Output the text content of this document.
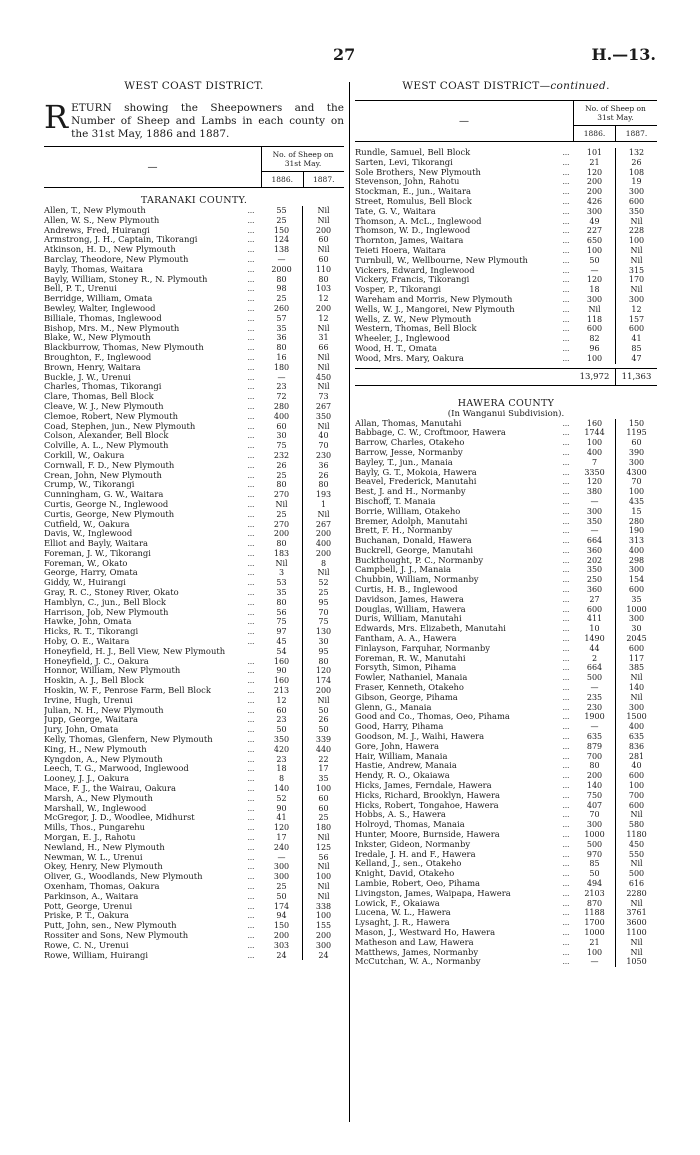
27	H.—13.
WEST COAST DISTRICT.
R ETURN showing the Sheepowners and the Number of Sheep and Lambs in each county on the 31st May, 1886 and 1887.
—
No. of Sheep on 31st May.
1886.	1887.
TARANAKI COUNTY.
Allen, T., New Plymouth	...	55	Nil
Allen, W. S., New Plymouth	...	25	Nil
Andrews, Fred, Huirangi	...	150	200
Armstrong, J. H., Captain, Tikorangi	...	124	60
Atkinson, H. D., New Plymouth	...	138	Nil
Barclay, Theodore, New Plymouth	...	—	60
Bayly, Thomas, Waitara	...	2000	110
Bayly, William, Stoney R., N. Plymouth	...	80	80
Bell, P. T., Urenui	...	98	103
Berridge, William, Omata	...	25	12
Bewley, Walter, Inglewood	...	260	200
Billiale, Thomas, Inglewood	...	57	12
Bishop, Mrs. M., New Plymouth	...	35	Nil
Blake, W., New Plymouth	...	36	31
Blackburrow, Thomas, New Plymouth	...	80	66
Broughton, F., Inglewood	...	16	Nil
Brown, Henry, Waitara	...	180	Nil
Buckle, J. W., Urenui	...	—	450
Charles, Thomas, Tikorangi	...	23	Nil
Clare, Thomas, Bell Block	...	72	73
Cleave, W. J., New Plymouth	...	280	267
Clemoe, Robert, New Plymouth	...	400	350
Coad, Stephen, jun., New Plymouth	...	60	Nil
Colson, Alexander, Bell Block	...	30	40
Colville, A. L., New Plymouth	...	75	70
Corkill, W., Oakura	...	232	230
Cornwall, F. D., New Plymouth	...	26	36
Crean, John, New Plymouth	...	25	26
Crump, W., Tikorangi	...	80	80
Cunningham, G. W., Waitara	...	270	193
Curtis, George N., Inglewood	...	Nil	1
Curtis, George, New Plymouth	...	25	Nil
Cutfield, W., Oakura	...	270	267
Davis, W., Inglewood	...	200	200
Elliot and Bayly, Waitara	...	80	400
Foreman, J. W., Tikorangi	...	183	200
Foreman, W., Okato	...	Nil	8
George, Harry, Omata	...	3	Nil
Giddy, W., Huirangi	...	53	52
Gray, R. C., Stoney River, Okato	...	35	25
Hamblyn, C., jun., Bell Block	...	80	95
Harrison, Job, New Plymouth	...	56	70
Hawke, John, Omata	...	75	75
Hicks, R. T., Tikorangi	...	97	130
Hoby, O. E., Waitara	...	45	30
Honeyfield, H. J., Bell View, New Plymouth	54	95
Honeyfield, J. C., Oakura	...	160	80
Honnor, William, New Plymouth	...	90	120
Hoskin, A. J., Bell Block	...	160	174
Hoskin, W. F., Penrose Farm, Bell Block	...	213	200
Irvine, Hugh, Urenui	...	12	Nil
Julian, N. H., New Plymouth	...	60	50
Jupp, George, Waitara	...	23	26
Jury, John, Omata	...	50	50
Kelly, Thomas, Glenfern, New Plymouth	...	350	339
King, H., New Plymouth	...	420	440
Kyngdon, A., New Plymouth	...	23	22
Leech, T. G., Marwood, Inglewood	...	18	17
Looney, J. J., Oakura	...	8	35
Mace, F. J., the Wairau, Oakura	...	140	100
Marsh, A., New Plymouth	...	52	60
Marshall, W., Inglewood	...	90	60
McGregor, J. D., Woodlee, Midhurst	...	41	25
Mills, Thos., Pungarehu	...	120	180
Morgan, E. J., Rahotu	...	17	Nil
Newland, H., New Plymouth	...	240	125
Newman, W. L., Urenui	...	—	56
Okey, Henry, New Plymouth	...	300	Nil
Oliver, G., Woodlands, New Plymouth	...	300	100
Oxenham, Thomas, Oakura	...	25	Nil
Parkinson, A., Waitara	...	50	Nil
Pott, George, Urenui	...	174	338
Priske, P. T., Oakura	...	94	100
Putt, John, sen., New Plymouth	...	150	155
Rossiter and Sons, New Plymouth	...	200	200
Rowe, C. N., Urenui	...	303	300
Rowe, William, Huirangi	...	24	24
WEST COAST DISTRICT—continued.
—
No. of Sheep on 31st May.
1886.	1887.
Rundle, Samuel, Bell Block	...	101	132
Sarten, Levi, Tikorangi	...	21	26
Sole Brothers, New Plymouth	...	120	108
Stevenson, John, Rahotu	...	200	19
Stockman, E., jun., Waitara	...	200	300
Street, Romulus, Bell Block	...	426	600
Tate, G. V., Waitara	...	300	350
Thomson, A. McL., Inglewood	...	49	Nil
Thomson, W. D., Inglewood	...	227	228
Thornton, James, Waitara	...	650	100
Teieti Hoera, Waitara	...	100	Nil
Turnbull, W., Wellbourne, New Plymouth	...	50	Nil
Vickers, Edward, Inglewood	...	—	315
Vickery, Francis, Tikorangi	...	120	170
Vosper, P., Tikorangi	...	18	Nil
Wareham and Morris, New Plymouth	...	300	300
Wells, W. J., Mangorei, New Plymouth	...	Nil	12
Wells, Z. W., New Plymouth	...	118	157
Western, Thomas, Bell Block	...	600	600
Wheeler, J., Inglewood	...	82	41
Wood, H. T., Omata	...	96	85
Wood, Mrs. Mary, Oakura	...	100	47
13,972	11,363
HAWERA COUNTY
(In Wanganui Subdivision).
Allan, Thomas, Manutahi	...	160	150
Babbage, C. W., Croftmoor, Hawera	...	1744	1195
Barrow, Charles, Otakeho	...	100	60
Barrow, Jesse, Normanby	...	400	390
Bayley, T., jun., Manaia	...	7	300
Bayly, G. T., Mokoia, Hawera	...	3350	4300
Beavel, Frederick, Manutahi	...	120	70
Best, J. and H., Normanby	...	380	100
Bischoff, T. Manaia	...	—	435
Borrie, William, Otakeho	...	300	15
Bremer, Adolph, Manutahi	...	350	280
Brett, F. H., Normanby	...	—	190
Buchanan, Donald, Hawera	...	664	313
Buckrell, George, Manutahi	...	360	400
Buckthought, P. C., Normanby	...	202	298
Campbell, J. J., Manaia	...	350	300
Chubbin, William, Normanby	...	250	154
Curtis, H. B., Inglewood	...	360	600
Davidson, James, Hawera	...	27	35
Douglas, William, Hawera	...	600	1000
Duris, William, Manutahi	...	411	300
Edwards, Mrs. Elizabeth, Manutahi	...	10	30
Fantham, A. A., Hawera	...	1490	2045
Finlayson, Farquhar, Normanby	...	44	600
Foreman, R. W., Manutahi	...	2	117
Forsyth, Simon, Pihama	...	664	385
Fowler, Nathaniel, Manaia	...	500	Nil
Fraser, Kenneth, Otakeho	...	—	140
Gibson, George, Pihama	...	235	Nil
Glenn, G., Manaia	...	230	300
Good and Co., Thomas, Oeo, Pihama	...	1900	1500
Good, Harry, Pihama	...	—	400
Goodson, M. J., Waihi, Hawera	...	635	635
Gore, John, Hawera	...	879	836
Hair, William, Manaia	...	700	281
Hastie, Andrew, Manaia	...	80	40
Hendy, R. O., Okaiawa	...	200	600
Hicks, James, Ferndale, Hawera	...	140	100
Hicks, Richard, Brooklyn, Hawera	...	750	700
Hicks, Robert, Tongahoe, Hawera	...	407	600
Hobbs, A. S., Hawera	...	70	Nil
Holroyd, Thomas, Manaia	...	300	580
Hunter, Moore, Burnside, Hawera	...	1000	1180
Inkster, Gideon, Normanby	...	500	450
Iredale, J. H. and F., Hawera	...	970	550
Kelland, J., sen., Otakeho	...	85	Nil
Knight, David, Otakeho	...	50	500
Lambie, Robert, Oeo, Pihama	...	494	616
Livingston, James, Waipapa, Hawera	...	2103	2280
Lowick, F., Okaiawa	...	870	Nil
Lucena, W. L., Hawera	...	1188	3761
Lysaght, J. R., Hawera	...	1700	3600
Mason, J., Westward Ho, Hawera	...	1000	1100
Matheson and Law, Hawera	...	21	Nil
Matthews, James, Normanby	...	100	Nil
McCutchan, W. A., Normanby	...	—	1050
